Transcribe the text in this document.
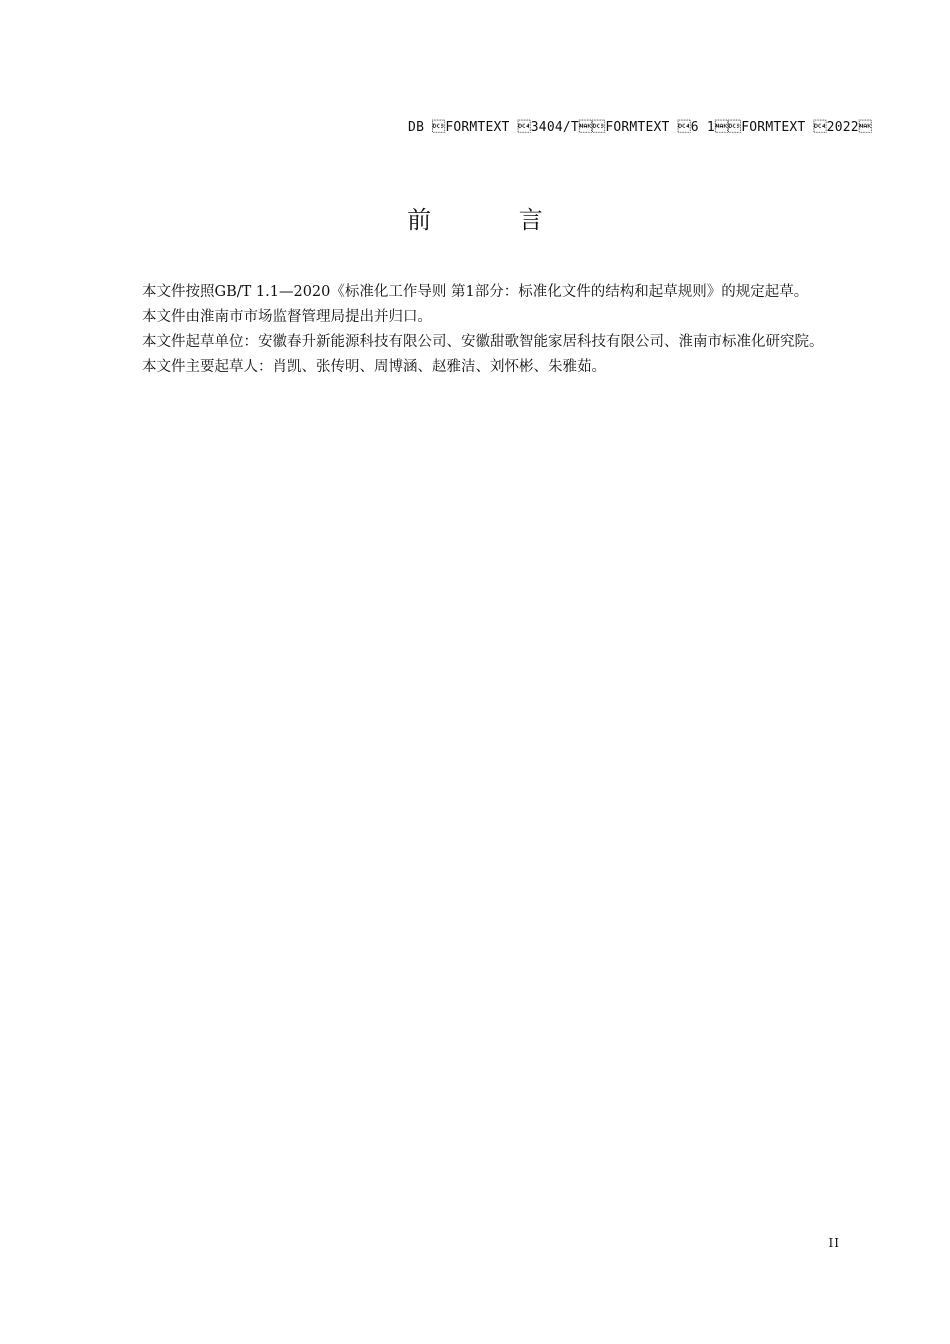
DB FORMTEXT 3404/TFORMTEXT 6 1FORMTEXT 2022
前 言

本文件按照GB/T 1.1—2020《标准化工作导则 第1部分：标准化文件的结构和起草规则》的规定起草。

本文件由淮南市市场监督管理局提出并归口。

本文件起草单位：安徽春升新能源科技有限公司、安徽甜歌智能家居科技有限公司、淮南市标准化研究院。

本文件主要起草人：肖凯、张传明、周博涵、赵雅洁、刘怀彬、朱雅茹。

II
